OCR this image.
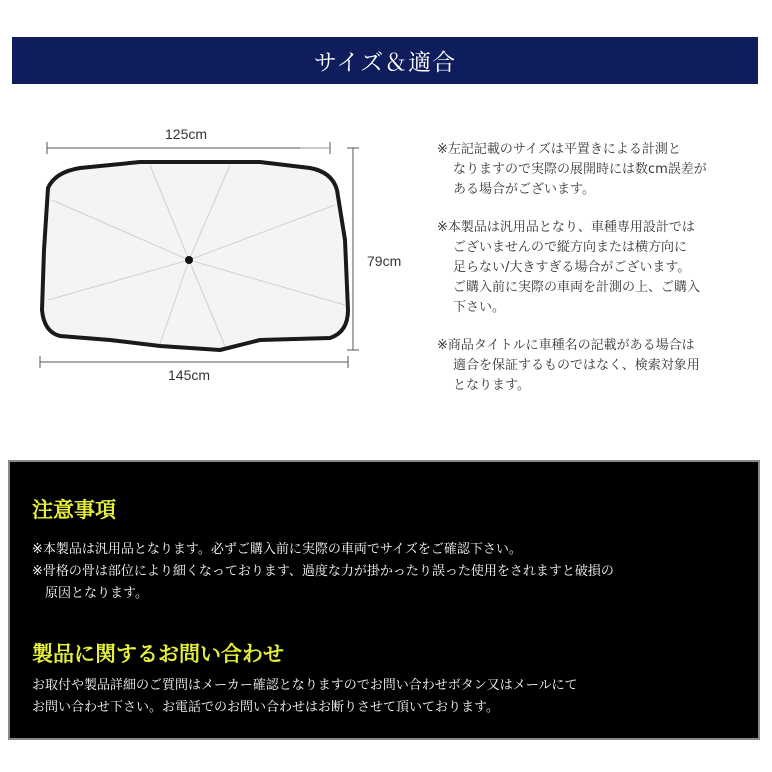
サイズ＆適合
125cm
79cm
145cm

※左記記載のサイズは平置きによる計測と
なりますので実際の展開時には数cm誤差が
ある場合がございます。

※本製品は汎用品となり、車種専用設計では
ございませんので縦方向または横方向に
足らない/大きすぎる場合がございます。
ご購入前に実際の車両を計測の上、ご購入
下さい。

※商品タイトルに車種名の記載がある場合は
適合を保証するものではなく、検索対象用
となります。

注意事項
※本製品は汎用品となります。必ずご購入前に実際の車両でサイズをご確認下さい。
※骨格の骨は部位により細くなっております、過度な力が掛かったり誤った使用をされますと破損の
　原因となります。
製品に関するお問い合わせ
お取付や製品詳細のご質問はメーカー確認となりますのでお問い合わせボタン又はメールにて
お問い合わせ下さい。お電話でのお問い合わせはお断りさせて頂いております。
